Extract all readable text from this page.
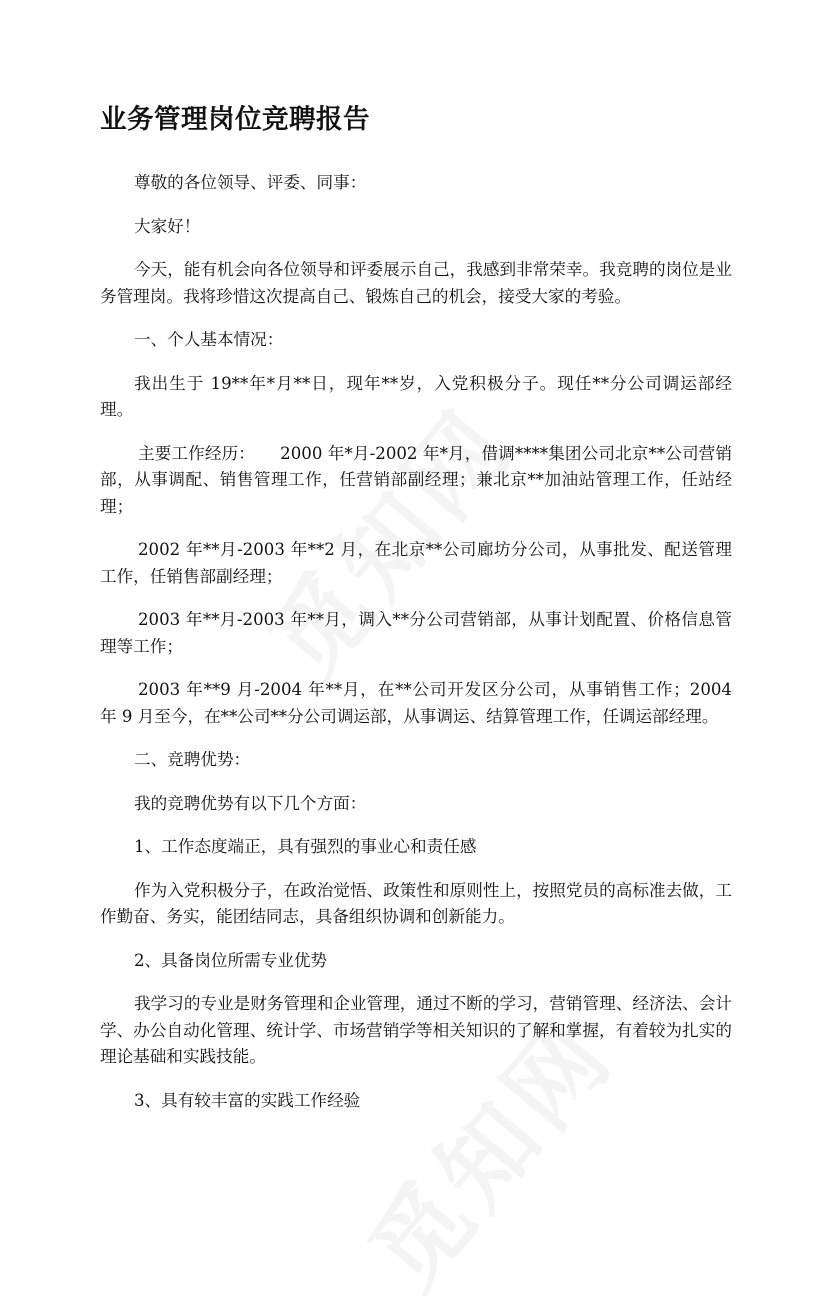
业务管理岗位竞聘报告

尊敬的各位领导、评委、同事：

大家好！

今天，能有机会向各位领导和评委展示自己，我感到非常荣幸。我竞聘的岗位是业务管理岗。我将珍惜这次提高自己、锻炼自己的机会，接受大家的考验。

一、个人基本情况：

我出生于 19**年*月**日，现年**岁，入党积极分子。现任**分公司调运部经理。

主要工作经历：　　2000 年*月-2002 年*月，借调****集团公司北京**公司营销部，从事调配、销售管理工作，任营销部副经理；兼北京**加油站管理工作，任站经理；

2002 年**月-2003 年**2 月，在北京**公司廊坊分公司，从事批发、配送管理工作，任销售部副经理；

2003 年**月-2003 年**月，调入**分公司营销部，从事计划配置、价格信息管理等工作；

2003 年**9 月-2004 年**月，在**公司开发区分公司，从事销售工作；2004 年 9 月至今，在**公司**分公司调运部，从事调运、结算管理工作，任调运部经理。

二、竞聘优势：

我的竞聘优势有以下几个方面：

1、工作态度端正，具有强烈的事业心和责任感

作为入党积极分子，在政治觉悟、政策性和原则性上，按照党员的高标准去做，工作勤奋、务实，能团结同志，具备组织协调和创新能力。

2、具备岗位所需专业优势

我学习的专业是财务管理和企业管理，通过不断的学习，营销管理、经济法、会计学、办公自动化管理、统计学、市场营销学等相关知识的了解和掌握，有着较为扎实的理论基础和实践技能。

3、具有较丰富的实践工作经验
